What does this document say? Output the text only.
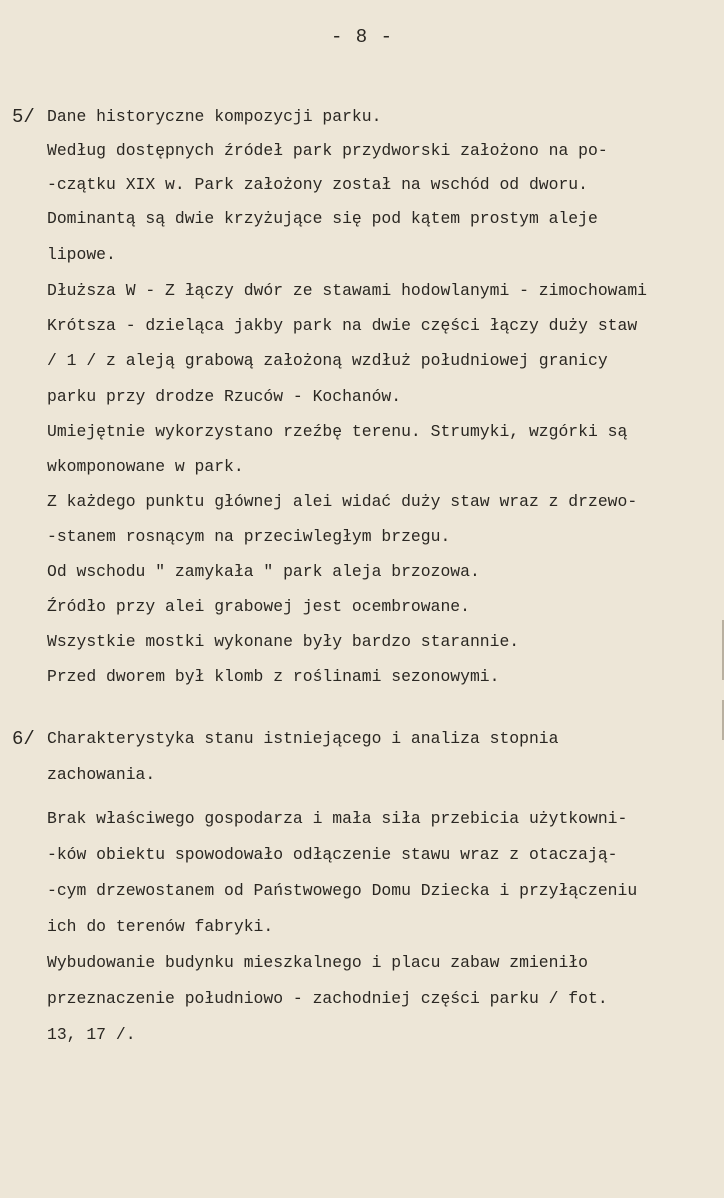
- 8 -
5/ Dane historyczne kompozycji parku.
Według dostępnych źródeł park przydworski założono na po-
-czątku XIX w. Park założony został na wschód od dworu.
Dominantą są dwie krzyżujące się pod kątem prostym aleje
lipowe.
Dłuższa W - Z łączy dwór ze stawami hodowlanymi - zimochowami
Krótsza - dzieląca jakby park na dwie części łączy duży staw
/ 1 / z aleją grabową założoną wzdłuż południowej granicy
parku przy drodze Rzuców - Kochanów.
Umiejętnie wykorzystano rzeźbę terenu. Strumyki, wzgórki są
wkomponowane w park.
Z każdego punktu głównej alei widać duży staw wraz z drzewo-
-stanem rosnącym na przeciwległym brzegu.
Od wschodu " zamykała " park aleja brzozowa.
Źródło przy alei grabowej jest ocembrowane.
Wszystkie mostki wykonane były bardzo starannie.
Przed dworem był klomb z roślinami sezonowymi.
6/ Charakterystyka stanu istniejącego i analiza stopnia
zachowania.
Brak właściwego gospodarza i mała siła przebicia użytkowni-
-ków obiektu spowodowało odłączenie stawu wraz z otaczają-
-cym drzewostanem od Państwowego Domu Dziecka i przyłączeniu
ich do terenów fabryki.
Wybudowanie budynku mieszkalnego i placu zabaw zmieniło
przeznaczenie południowo - zachodniej części parku / fot.
13, 17 /.
